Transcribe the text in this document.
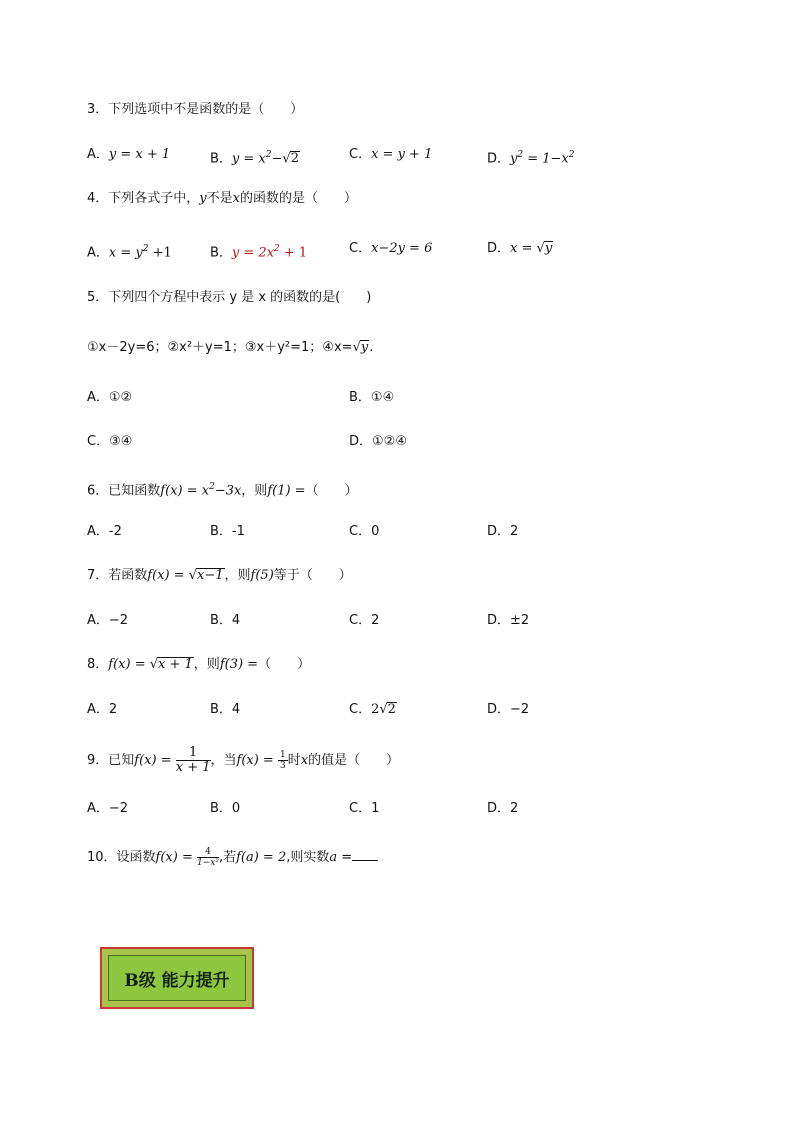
3．下列选项中不是函数的是（　　）
A．y = x + 1	B．$y = x^2-√2$	C．x = y + 1	D．$y^2 = 1-x^2$
4．下列各式子中，y不是x的函数的是（　　）
A．$x = y^2 +1$	B．$y = 2x^2 + 1$	C．x−2y = 6	D．x = √y
5．下列四个方程中表示 y 是 x 的函数的是(　　)
①x－2y=6；②x²＋y=1；③x＋y²=1；④x=√y.
A．①②	B．①④
C．③④	D．①②④
6．已知函数$f(x) = x^2-3x$，则f(1) =（　　）
A．-2	B．-1	C．0	D．2
7．若函数f(x) = √x−1，则f(5)等于（　　）
A．−2	B．4	C．2	D．±2
8．f(x) = √x + 1，则f(3) =（　　）
A．2	B．4	C．2√2	D．−2
9．已知$f(x) = \frac{1}{x + 1}$ ，当$f(x) = \frac{1}{3}$ 时x的值是（　　）
A．−2	B．0	C．1	D．2
10．设函数$f(x) = \frac{4}{\text{1−x²}}$ ,若f(a) = 2,则实数a =
B级 能力提升
